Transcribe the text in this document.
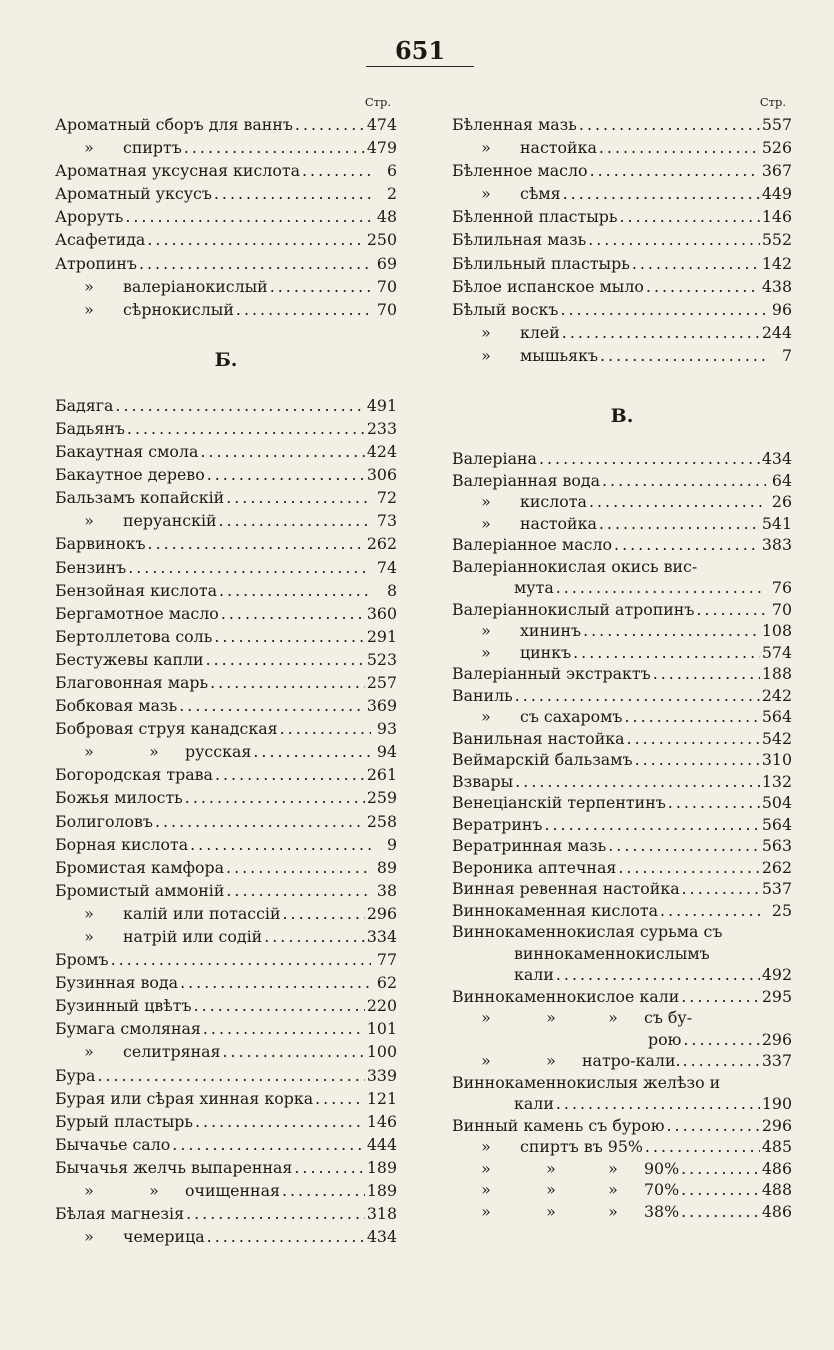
651
Стр.
Ароматный сборъ для ваннъ . . .	474
» спиртъ . . .	479
Ароматная уксусная кислота . . .	6
Ароматный уксусъ . . .	2
Ароруть . . .	48
Асафетида . . .	250
Атропинъ . . .	69
» валеріанокислый . . .	70
» сѣрнокислый . . .	70
Б.
Бадяга . . .	491
Бадьянъ . . .	233
Бакаутная смола . . .	424
Бакаутное дерево . . .	306
Бальзамъ копайскій . . .	72
» перуанскій . . .	73
Барвинокъ . . .	262
Бензинъ . . .	74
Бензойная кислота . . .	8
Бергамотное масло . . .	360
Бертоллетова соль . . .	291
Бестужевы капли . . .	523
Благовонная марь . . .	257
Бобковая мазь . . .	369
Бобровая струя канадская . . .	93
»	» русская . . .	94
Богородская трава . . .	261
Божья милость . . .	259
Болиголовъ . . .	258
Борная кислота . . .	9
Бромистая камфора . . .	89
Бромистый аммоній . . .	38
» калій или потассій . . .	296
» натрій или содій . . .	334
Бромъ . . .	77
Бузинная вода . . .	62
Бузинный цвѣтъ . . .	220
Бумага смоляная . . .	101
» селитряная . . .	100
Бура . . .	339
Бурая или сѣрая хинная корка . . .	121
Бурый пластырь . . .	146
Бычачье сало . . .	444
Бычачья желчь выпаренная . . .	189
»	» очищенная . . .	189
Бѣлая магнезія . . .	318
» чемерица . . .	434
Стр.
Бѣленная мазь . . .	557
» настойка . . .	526
Бѣленное масло . . .	367
» сѣмя . . .	449
Бѣленной пластырь . . .	146
Бѣлильная мазь . . .	552
Бѣлильный пластырь . . .	142
Бѣлое испанское мыло . . .	438
Бѣлый воскъ . . .	96
» клей . . .	244
» мышьякъ . . .	7
В.
Валеріана . . .	434
Валеріанная вода . . .	64
» кислота . . .	26
» настойка . . .	541
Валеріанное масло . . .	383
Валеріаннокислая окись вис-
мута . . .	76
Валеріаннокислый атропинъ . . .	70
» хининъ . . .	108
» цинкъ . . .	574
Валеріанный экстрактъ . . .	188
Ваниль . . .	242
» съ сахаромъ . . .	564
Ванильная настойка . . .	542
Веймарскій бальзамъ . . .	310
Взвары . . .	132
Венеціанскій терпентинъ . . .	504
Вератринъ . . .	564
Вератринная мазь . . .	563
Вероника аптечная . . .	262
Винная ревенная настойка . . .	537
Виннокаменная кислота . . .	25
Виннокаменнокислая сурьма съ
виннокаменнокислымъ
кали . . .	492
Виннокаменнокислое кали . . .	295
»	»	» съ бу-
рою . . .	296
»	» натро-кали. . . .	337
Виннокаменнокислыя желѣзо и
кали . . .	190
Винный камень съ бурою . . .	296
» спиртъ въ 95% . . .	485
»	»	» 90% . . .	486
»	»	» 70% . . .	488
»	»	» 38% . . .	486
